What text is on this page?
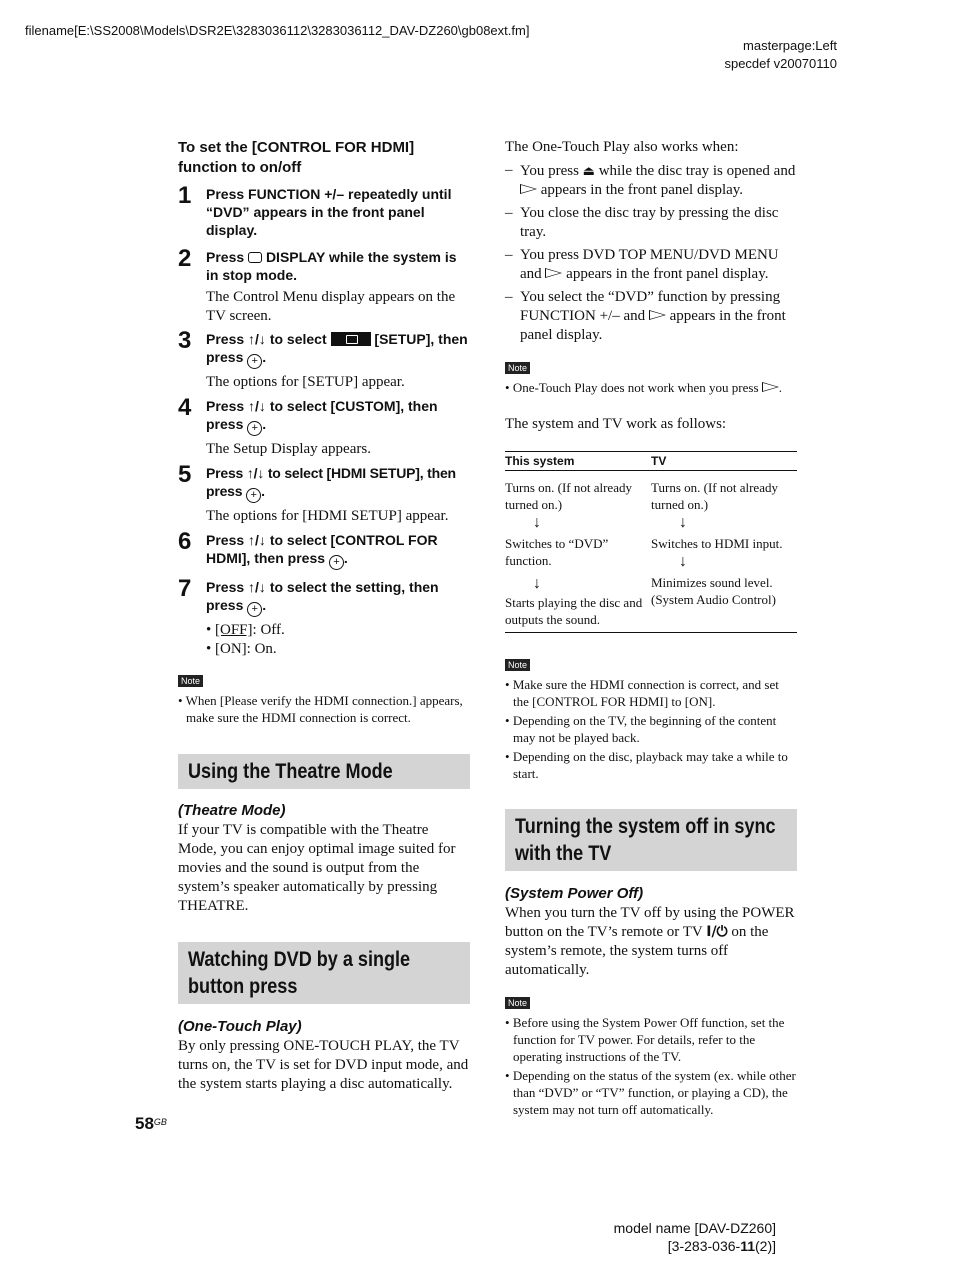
filename[E:\SS2008\Models\DSR2E\3283036112\3283036112_DAV-DZ260\gb08ext.fm]
masterpage:Left
specdef v20070110

To set the [CONTROL FOR HDMI]
function to on/off

1 Press FUNCTION +/– repeatedly until “DVD” appears in the front panel display.
2 Press DISPLAY while the system is in stop mode.
The Control Menu display appears on the TV screen.
3 Press ↑/↓ to select	[SETUP], then press + .
The options for [SETUP] appear.
4 Press ↑/↓ to select [CUSTOM], then press + .
The Setup Display appears.
5 Press ↑/↓ to select [HDMI SETUP], then press + .
The options for [HDMI SETUP] appear.
6 Press ↑/↓ to select [CONTROL FOR HDMI], then press + .
7 Press ↑/↓ to select the setting, then press + .
• [OFF]: Off.
• [ON]: On.
Note
• When [Please verify the HDMI connection.] appears, make sure the HDMI connection is correct.
Using the Theatre Mode
(Theatre Mode)
If your TV is compatible with the Theatre Mode, you can enjoy optimal image suited for movies and the sound is output from the system’s speaker automatically by pressing THEATRE.
Watching DVD by a single
button press
(One-Touch Play)
By only pressing ONE-TOUCH PLAY, the TV turns on, the TV is set for DVD input mode, and the system starts playing a disc automatically.
$58^{GB}$
The One-Touch Play also works when:
– You press ⏏ while the disc tray is opened and  appears in the front panel display.
– You close the disc tray by pressing the disc tray.
– You press DVD TOP MENU/DVD MENU and appears in the front panel display.
– You select the “DVD” function by pressing FUNCTION +/– and appears in the front panel display.
Note
• One-Touch Play does not work when you press .
The system and TV work as follows:
This system	TV
Turns on. (If not already turned on.)	Turns on. (If not already turned on.)

↓	↓

Switches to “DVD” function.	Switches to HDMI input.
↓

↓
Starts playing the disc and outputs the sound.	Minimizes sound level. (System Audio Control)

Note
• Make sure the HDMI connection is correct, and set the [CONTROL FOR HDMI] to [ON].
• Depending on the TV, the beginning of the content may not be played back.
• Depending on the disc, playback may take a while to start.
Turning the system off in sync
with the TV
(System Power Off)
When you turn the TV off by using the POWER button on the TV’s remote or TV I/⏻ on the system’s remote, the system turns off automatically.
Note
• Before using the System Power Off function, set the function for TV power. For details, refer to the operating instructions of the TV.
• Depending on the status of the system (ex. while other than “DVD” or “TV” function, or playing a CD), the system may not turn off automatically.
model name [DAV-DZ260]
[3-283-036-11(2)]
